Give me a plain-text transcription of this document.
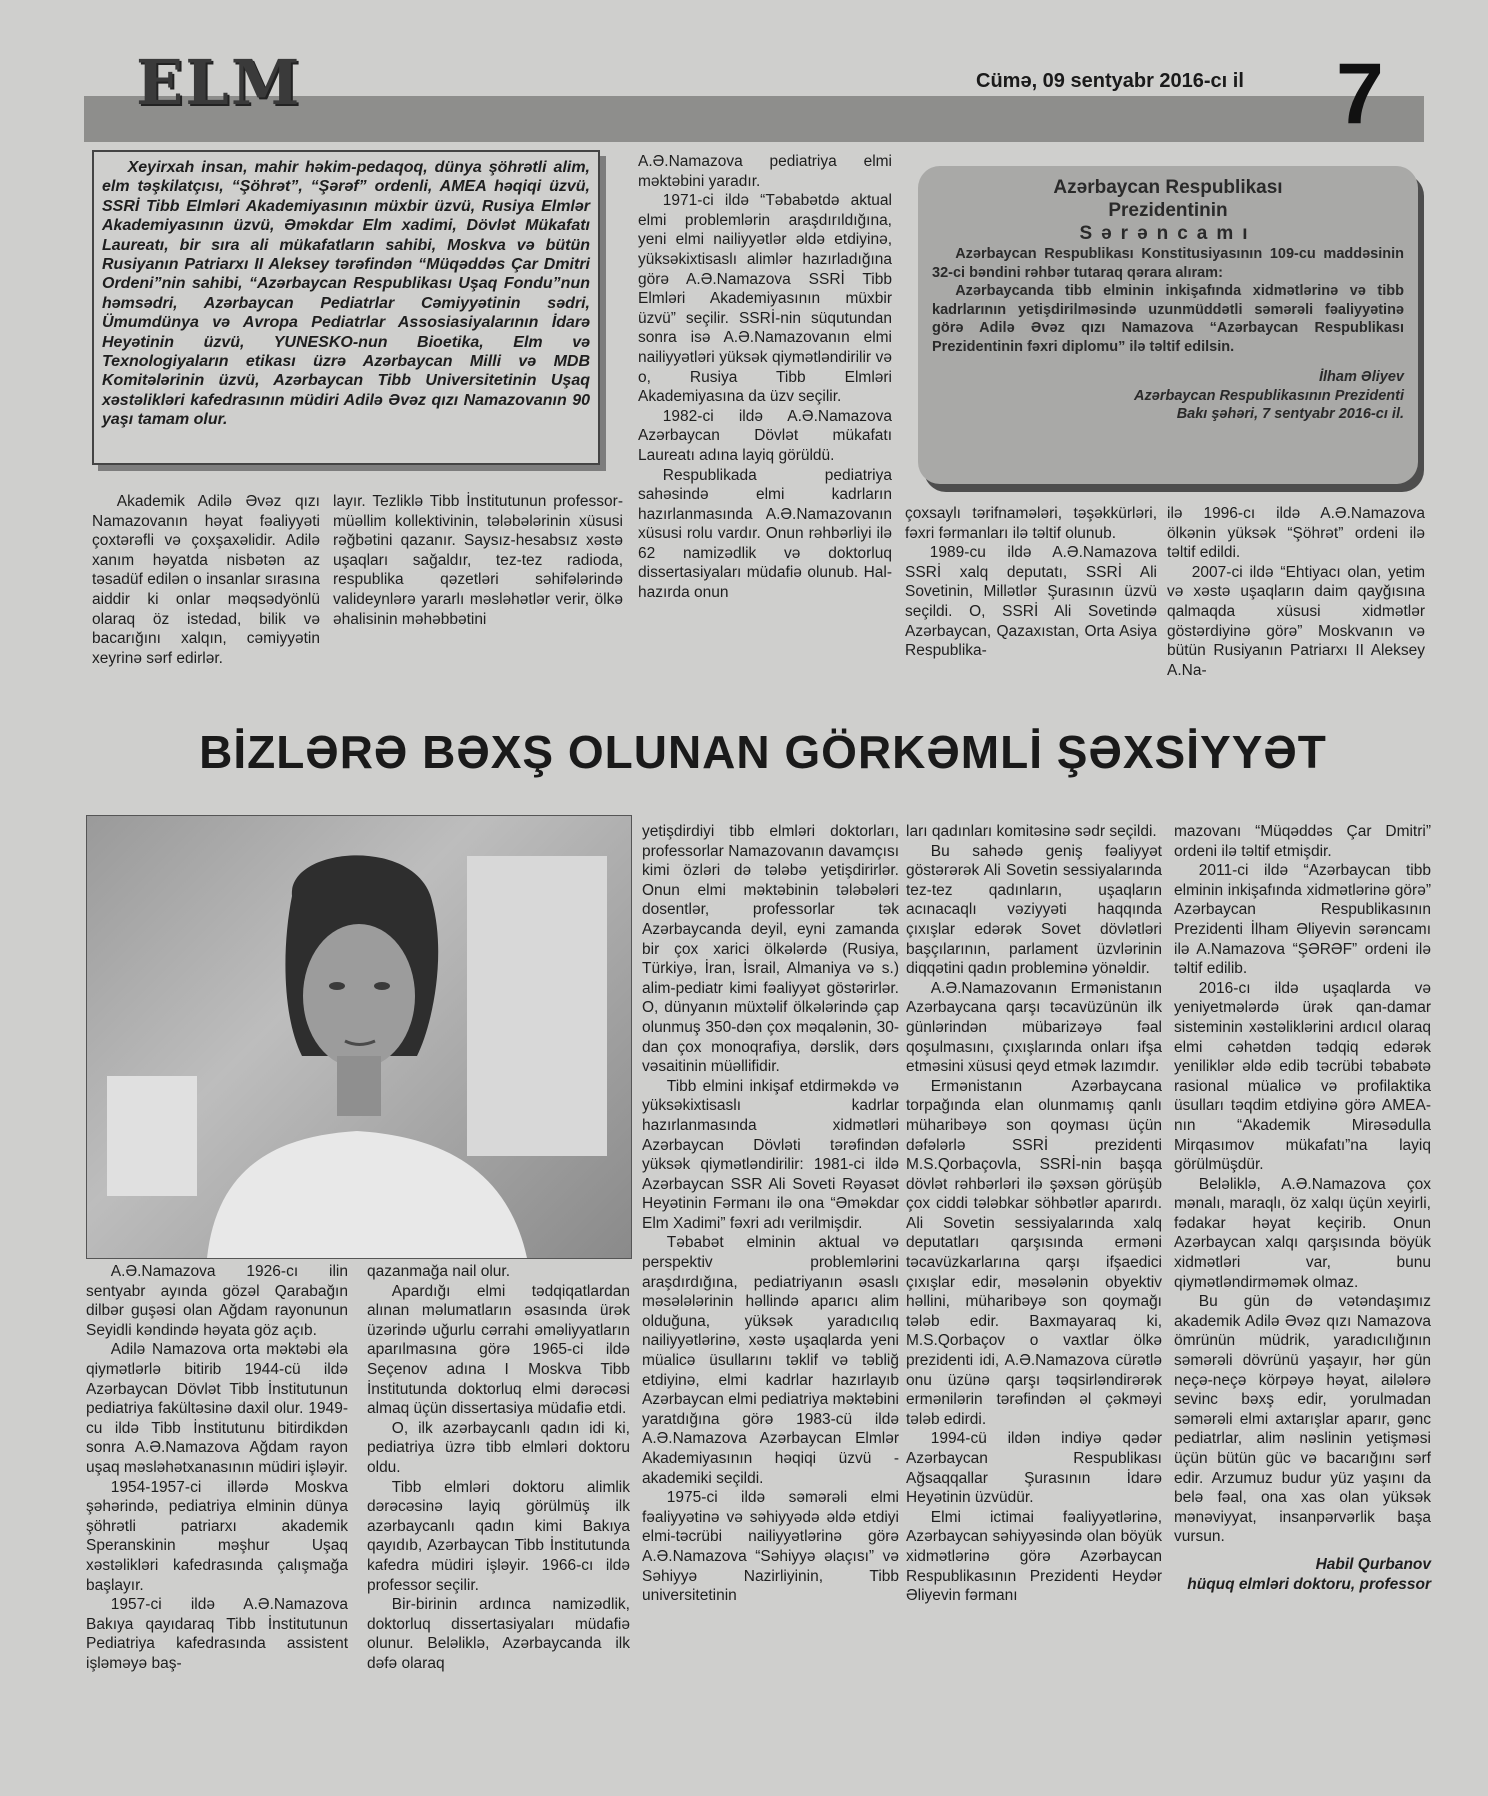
ELM	Cümə, 09 sentyabr 2016-cı il 7

Xeyirxah insan, mahir həkim-pedaqoq, dünya şöhrətli alim, elm təşkilatçısı, “Şöhrət”, “Şərəf” ordenli, AMEA həqiqi üzvü, SSRİ Tibb Elmləri Akademiyasının müxbir üzvü, Rusiya Elmlər Akademiyasının üzvü, Əməkdar Elm xadimi, Dövlət Mükafatı Laureatı, bir sıra ali mükafatların sahibi, Moskva və bütün Rusiyanın Patriarxı II Aleksey tərəfindən “Müqəddəs Çar Dmitri Ordeni”nin sahibi, “Azərbaycan Respublikası Uşaq Fondu”nun həmsədri, Azərbaycan Pediatrlar Cəmiyyətinin sədri, Ümumdünya və Avropa Pediatrlar Assosiasiyalarının İdarə Heyətinin üzvü, YUNESKO-nun Bioetika, Elm və Texnologiyaların etikası üzrə Azərbaycan Milli və MDB Komitələrinin üzvü, Azərbaycan Tibb Universitetinin Uşaq xəstəlikləri kafedrasının müdiri Adilə Əvəz qızı Namazovanın 90 yaşı tamam olur.

Akademik Adilə Əvəz qızı Namazovanın həyat fəaliyyəti çoxtərəfli və çoxşaxəlidir. Adilə xanım həyatda nisbətən az təsadüf edilən o insanlar sırasına aiddir ki onlar məqsədyönlü olaraq öz istedad, bilik və bacarığını xalqın, cəmiyyətin xeyrinə sərf edirlər.

layır. Tezliklə Tibb İnstitutunun professor-müəllim kollektivinin, tələbələrinin xüsusi rəğbətini qazanır. Saysız-hesabsız xəstə uşaqları sağaldır, tez-tez radioda, respublika qəzetləri səhifələrində valideynlərə yararlı məsləhətlər verir, ölkə əhalisinin məhəbbətini

A.Ə.Namazova pediatriya elmi məktəbini yaradır.

1971-ci ildə “Təbabətdə aktual elmi problemlərin araşdırıldığına, yeni elmi nailiyyətlər əldə etdiyinə, yüksəkixtisaslı alimlər hazırladığına görə A.Ə.Namazova SSRİ Tibb Elmləri Akademiyasının müxbir üzvü” seçilir. SSRİ-nin süqutundan sonra isə A.Ə.Namazovanın elmi nailiyyətləri yüksək qiymətləndirilir və o, Rusiya Tibb Elmləri Akademiyasına da üzv seçilir.

1982-ci ildə A.Ə.Namazova Azərbaycan Dövlət mükafatı Laureatı adına layiq görüldü.

Respublikada pediatriya sahəsində elmi kadrların hazırlanmasında A.Ə.Namazovanın xüsusi rolu vardır. Onun rəhbərliyi ilə 62 namizədlik və doktorluq dissertasiyaları müdafiə olunub. Hal-hazırda onun

Azərbaycan Respublikası
Prezidentinin
Sərəncamı

Azərbaycan Respublikası Konstitusiyasının 109-cu maddəsinin 32-ci bəndini rəhbər tutaraq qərara alıram:

Azərbaycanda tibb elminin inkişafında xidmətlərinə və tibb kadrlarının yetişdirilməsində uzunmüddətli səmərəli fəaliyyətinə görə Adilə Əvəz qızı Namazova “Azərbaycan Respublikası Prezidentinin fəxri diplomu” ilə təltif edilsin.

İlham Əliyev

Azərbaycan Respublikasının Prezidenti

Bakı şəhəri, 7 sentyabr 2016-cı il.

çoxsaylı tərifnamələri, təşəkkürləri, fəxri fərmanları ilə təltif olunub.

1989-cu ildə A.Ə.Namazova SSRİ xalq deputatı, SSRİ Ali Sovetinin, Millətlər Şurasının üzvü seçildi. O, SSRİ Ali Sovetində Azərbaycan, Qazaxıstan, Orta Asiya Respublika-

ilə 1996-cı ildə A.Ə.Namazova ölkənin yüksək “Şöhrət” ordeni ilə təltif edildi.

2007-ci ildə “Ehtiyacı olan, yetim və xəstə uşaqların daim qayğısına qalmaqda xüsusi xidmətlər göstərdiyinə görə” Moskvanın və bütün Rusiyanın Patriarxı II Aleksey A.Na-

BİZLƏRƏ BƏXŞ OLUNAN GÖRKƏMLİ ŞƏXSİYYƏT

A.Ə.Namazova 1926-cı ilin sentyabr ayında gözəl Qarabağın dilbər guşəsi olan Ağdam rayonunun Seyidli kəndində həyata göz açıb.

Adilə Namazova orta məktəbi əla qiymətlərlə bitirib 1944-cü ildə Azərbaycan Dövlət Tibb İnstitutunun pediatriya fakültəsinə daxil olur. 1949-cu ildə Tibb İnstitutunu bitirdikdən sonra A.Ə.Namazova Ağdam rayon uşaq məsləhətxanasının müdiri işləyir.

1954-1957-ci illərdə Moskva şəhərində, pediatriya elminin dünya şöhrətli patriarxı akademik Speranskinin məşhur Uşaq xəstəlikləri kafedrasında çalışmağa başlayır.

1957-ci ildə A.Ə.Namazova Bakıya qayıdaraq Tibb İnstitutunun Pediatriya kafedrasında assistent işləməyə baş-

qazanmağa nail olur.

Apardığı elmi tədqiqatlardan alınan məlumatların əsasında ürək üzərində uğurlu cərrahi əməliyyatların aparılmasına görə 1965-ci ildə Seçenov adına I Moskva Tibb İnstitutunda doktorluq elmi dərəcəsi almaq üçün dissertasiya müdafiə etdi.

O, ilk azərbaycanlı qadın idi ki, pediatriya üzrə tibb elmləri doktoru oldu.

Tibb elmləri doktoru alimlik dərəcəsinə layiq görülmüş ilk azərbaycanlı qadın kimi Bakıya qayıdıb, Azərbaycan Tibb İnstitutunda kafedra müdiri işləyir. 1966-cı ildə professor seçilir.

Bir-birinin ardınca namizədlik, doktorluq dissertasiyaları müdafiə olunur. Beləliklə, Azərbaycanda ilk dəfə olaraq

yetişdirdiyi tibb elmləri doktorları, professorlar Namazovanın davamçısı kimi özləri də tələbə yetişdirirlər. Onun elmi məktəbinin tələbələri dosentlər, professorlar tək Azərbaycanda deyil, eyni zamanda bir çox xarici ölkələrdə (Rusiya, Türkiyə, İran, İsrail, Almaniya və s.) alim-pediatr kimi fəaliyyət göstərirlər. O, dünyanın müxtəlif ölkələrində çap olunmuş 350-dən çox məqalənin, 30-dan çox monoqrafiya, dərslik, dərs vəsaitinin müəllifidir.

Tibb elmini inkişaf etdirməkdə və yüksəkixtisaslı kadrlar hazırlanmasında xidmətləri Azərbaycan Dövləti tərəfindən yüksək qiymətləndirilir: 1981-ci ildə Azərbaycan SSR Ali Soveti Rəyasət Heyətinin Fərmanı ilə ona “Əməkdar Elm Xadimi” fəxri adı verilmişdir.

Təbabət elminin aktual və perspektiv problemlərini araşdırdığına, pediatriyanın əsaslı məsələlərinin həllində aparıcı alim olduğuna, yüksək yaradıcılıq nailiyyətlərinə, xəstə uşaqlarda yeni müalicə üsullarını təklif və təbliğ etdiyinə, elmi kadrlar hazırlayıb Azərbaycan elmi pediatriya məktəbini yaratdığına görə 1983-cü ildə A.Ə.Namazova Azərbaycan Elmlər Akademiyasının həqiqi üzvü - akademiki seçildi.

1975-ci ildə səmərəli elmi fəaliyyətinə və səhiyyədə əldə etdiyi elmi-təcrübi nailiyyətlərinə görə A.Ə.Namazova “Səhiyyə əlaçısı” və Səhiyyə Nazirliyinin, Tibb universitetinin

ları qadınları komitəsinə sədr seçildi.

Bu sahədə geniş fəaliyyət göstərərək Ali Sovetin sessiyalarında tez-tez qadınların, uşaqların acınacaqlı vəziyyəti haqqında çıxışlar edərək Sovet dövlətləri başçılarının, parlament üzvlərinin diqqətini qadın probleminə yönəldir.

A.Ə.Namazovanın Ermənistanın Azərbaycana qarşı təcavüzünün ilk günlərindən mübarizəyə fəal qoşulmasını, çıxışlarında onları ifşa etməsini xüsusi qeyd etmək lazımdır.

Ermənistanın Azərbaycana torpağında elan olunmamış qanlı müharibəyə son qoyması üçün dəfələrlə SSRİ prezidenti M.S.Qorbaçovla, SSRİ-nin başqa dövlət rəhbərləri ilə şəxsən görüşüb çox ciddi tələbkar söhbətlər aparırdı. Ali Sovetin sessiyalarında xalq deputatları qarşısında erməni təcavüzkarlarına qarşı ifşaedici çıxışlar edir, məsələnin obyektiv həllini, müharibəyə son qoymağı tələb edir. Baxmayaraq ki, M.S.Qorbaçov o vaxtlar ölkə prezidenti idi, A.Ə.Namazova cürətlə onu üzünə qarşı təqsirləndirərək ermənilərin tərəfindən əl çəkməyi tələb edirdi.

1994-cü ildən indiyə qədər Azərbaycan Respublikası Ağsaqqallar Şurasının İdarə Heyətinin üzvüdür.

Elmi ictimai fəaliyyətlərinə, Azərbaycan səhiyyəsində olan böyük xidmətlərinə görə Azərbaycan Respublikasının Prezidenti Heydər Əliyevin fərmanı

mazovanı “Müqəddəs Çar Dmitri” ordeni ilə təltif etmişdir.

2011-ci ildə “Azərbaycan tibb elminin inkişafında xidmətlərinə görə” Azərbaycan Respublikasının Prezidenti İlham Əliyevin sərəncamı ilə A.Namazova “ŞƏRƏF” ordeni ilə təltif edilib.

2016-cı ildə uşaqlarda və yeniyetmələrdə ürək qan-damar sisteminin xəstəliklərini ardıcıl olaraq elmi cəhətdən tədqiq edərək yeniliklər əldə edib təcrübi təbabətə rasional müalicə və profilaktika üsulları təqdim etdiyinə görə AMEA-nın “Akademik Mirəsədulla Mirqasımov mükafatı”na layiq görülmüşdür.

Beləliklə, A.Ə.Namazova çox mənalı, maraqlı, öz xalqı üçün xeyirli, fədakar həyat keçirib. Onun Azərbaycan xalqı qarşısında böyük xidmətləri var, bunu qiymətləndirməmək olmaz.

Bu gün də vətəndaşımız akademik Adilə Əvəz qızı Namazova ömrünün müdrik, yaradıcılığının səmərəli dövrünü yaşayır, hər gün neçə-neçə körpəyə həyat, ailələrə sevinc bəxş edir, yorulmadan səmərəli elmi axtarışlar aparır, gənc pediatrlar, alim nəslinin yetişməsi üçün bütün güc və bacarığını sərf edir. Arzumuz budur yüz yaşını da belə fəal, ona xas olan yüksək mənəviyyat, insanpərvərlik başa vursun.

Habil Qurbanov

hüquq elmləri doktoru, professor
